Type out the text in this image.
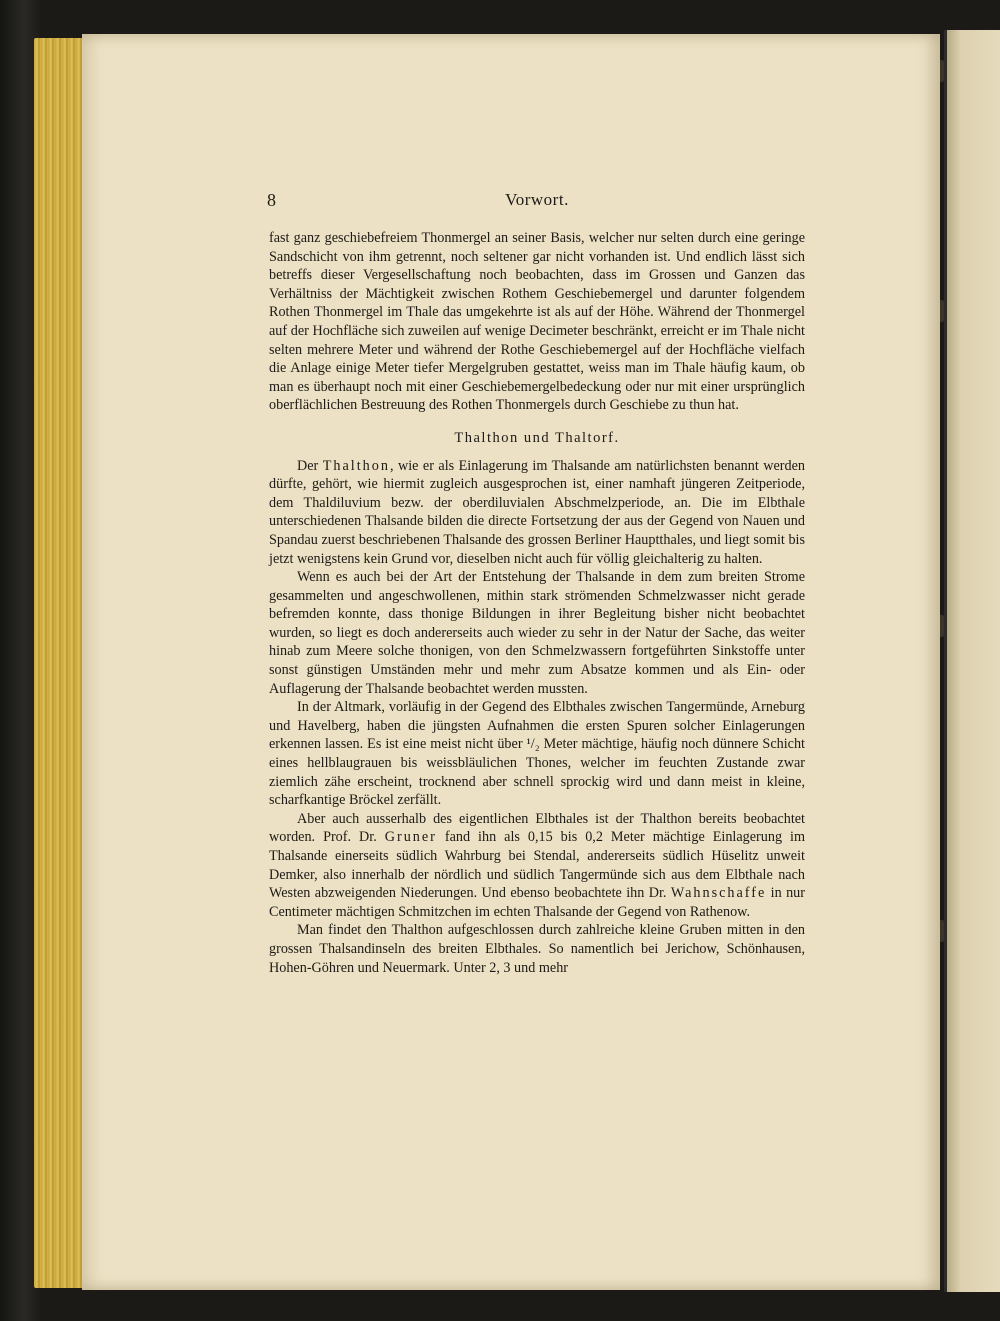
8	Vorwort.

fast ganz geschiebefreiem Thonmergel an seiner Basis, welcher nur selten durch eine geringe Sandschicht von ihm getrennt, noch seltener gar nicht vorhanden ist. Und endlich lässt sich betreffs dieser Vergesellschaftung noch beobachten, dass im Grossen und Ganzen das Verhältniss der Mächtigkeit zwischen Rothem Geschiebemergel und darunter folgendem Rothen Thonmergel im Thale das umgekehrte ist als auf der Höhe. Während der Thonmergel auf der Hochfläche sich zuweilen auf wenige Decimeter beschränkt, erreicht er im Thale nicht selten mehrere Meter und während der Rothe Geschiebemergel auf der Hochfläche vielfach die Anlage einige Meter tiefer Mergelgruben gestattet, weiss man im Thale häufig kaum, ob man es überhaupt noch mit einer Geschiebemergelbedeckung oder nur mit einer ursprünglich oberflächlichen Bestreuung des Rothen Thonmergels durch Geschiebe zu thun hat.

Thalthon und Thaltorf.

Der Thalthon, wie er als Einlagerung im Thalsande am natürlichsten benannt werden dürfte, gehört, wie hiermit zugleich ausgesprochen ist, einer namhaft jüngeren Zeitperiode, dem Thaldiluvium bezw. der oberdiluvialen Abschmelzperiode, an. Die im Elbthale unterschiedenen Thalsande bilden die directe Fortsetzung der aus der Gegend von Nauen und Spandau zuerst beschriebenen Thalsande des grossen Berliner Hauptthales, und liegt somit bis jetzt wenigstens kein Grund vor, dieselben nicht auch für völlig gleichalterig zu halten.

Wenn es auch bei der Art der Entstehung der Thalsande in dem zum breiten Strome gesammelten und angeschwollenen, mithin stark strömenden Schmelzwasser nicht gerade befremden konnte, dass thonige Bildungen in ihrer Begleitung bisher nicht beobachtet wurden, so liegt es doch andererseits auch wieder zu sehr in der Natur der Sache, das weiter hinab zum Meere solche thonigen, von den Schmelzwassern fortgeführten Sinkstoffe unter sonst günstigen Umständen mehr und mehr zum Absatze kommen und als Ein- oder Auflagerung der Thalsande beobachtet werden mussten.

In der Altmark, vorläufig in der Gegend des Elbthales zwischen Tangermünde, Arneburg und Havelberg, haben die jüngsten Aufnahmen die ersten Spuren solcher Einlagerungen erkennen lassen. Es ist eine meist nicht über ¹/₂ Meter mächtige, häufig noch dünnere Schicht eines hellblaugrauen bis weissbläulichen Thones, welcher im feuchten Zustande zwar ziemlich zähe erscheint, trocknend aber schnell sprockig wird und dann meist in kleine, scharfkantige Bröckel zerfällt.

Aber auch ausserhalb des eigentlichen Elbthales ist der Thalthon bereits beobachtet worden. Prof. Dr. Gruner fand ihn als 0,15 bis 0,2 Meter mächtige Einlagerung im Thalsande einerseits südlich Wahrburg bei Stendal, andererseits südlich Hüselitz unweit Demker, also innerhalb der nördlich und südlich Tangermünde sich aus dem Elbthale nach Westen abzweigenden Niederungen. Und ebenso beobachtete ihn Dr. Wahnschaffe in nur Centimeter mächtigen Schmitzchen im echten Thalsande der Gegend von Rathenow.

Man findet den Thalthon aufgeschlossen durch zahlreiche kleine Gruben mitten in den grossen Thalsandinseln des breiten Elbthales. So namentlich bei Jerichow, Schönhausen, Hohen-Göhren und Neuermark. Unter 2, 3 und mehr
